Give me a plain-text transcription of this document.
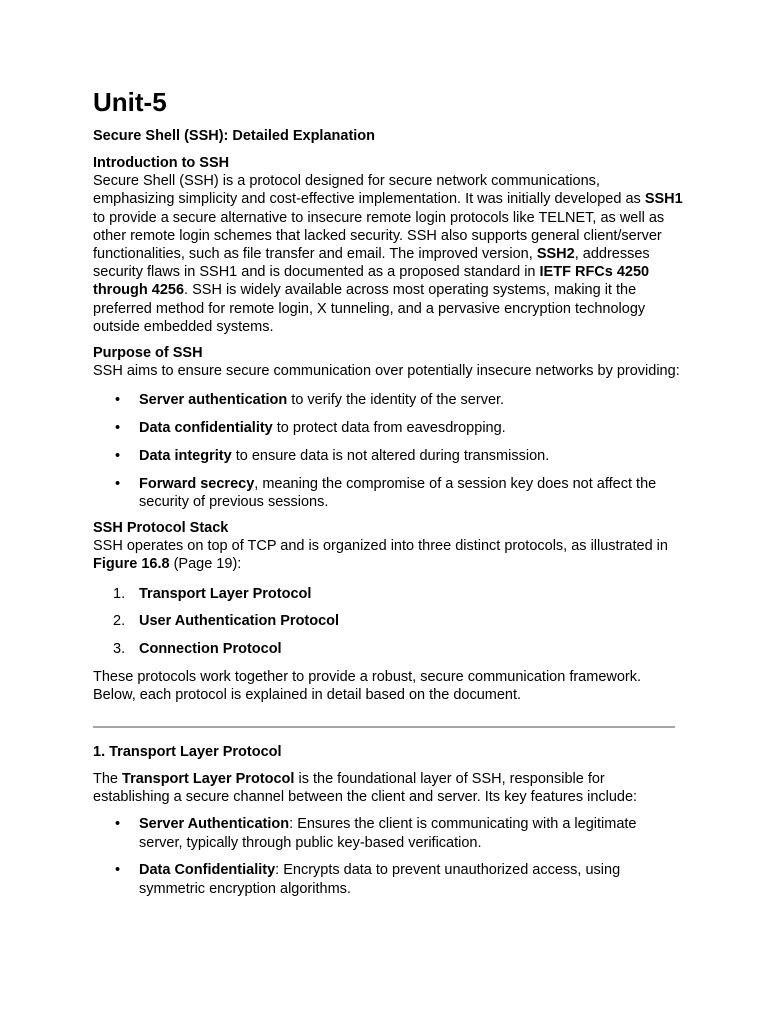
Unit-5
Secure Shell (SSH): Detailed Explanation
Introduction to SSH

Secure Shell (SSH) is a protocol designed for secure network communications, emphasizing simplicity and cost-effective implementation. It was initially developed as SSH1 to provide a secure alternative to insecure remote login protocols like TELNET, as well as other remote login schemes that lacked security. SSH also supports general client/server functionalities, such as file transfer and email. The improved version, SSH2, addresses security flaws in SSH1 and is documented as a proposed standard in IETF RFCs 4250 through 4256. SSH is widely available across most operating systems, making it the preferred method for remote login, X tunneling, and a pervasive encryption technology outside embedded systems.

Purpose of SSH

SSH aims to ensure secure communication over potentially insecure networks by providing:

• Server authentication to verify the identity of the server.
• Data confidentiality to protect data from eavesdropping.
• Data integrity to ensure data is not altered during transmission.
• Forward secrecy, meaning the compromise of a session key does not affect the security of previous sessions.
SSH Protocol Stack

SSH operates on top of TCP and is organized into three distinct protocols, as illustrated in Figure 16.8 (Page 19):

1. Transport Layer Protocol
2. User Authentication Protocol
3. Connection Protocol

These protocols work together to provide a robust, secure communication framework. Below, each protocol is explained in detail based on the document.

1. Transport Layer Protocol

The Transport Layer Protocol is the foundational layer of SSH, responsible for establishing a secure channel between the client and server. Its key features include:

• Server Authentication: Ensures the client is communicating with a legitimate server, typically through public key-based verification.
• Data Confidentiality: Encrypts data to prevent unauthorized access, using symmetric encryption algorithms.
